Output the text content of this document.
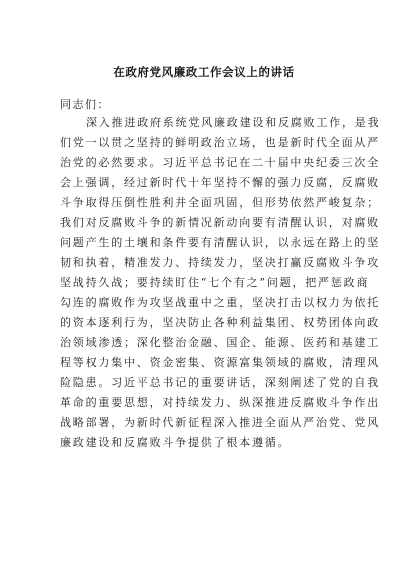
在政府党风廉政工作会议上的讲话
同志们：
深入推进政府系统党风廉政建设和反腐败工作，是我
们党一以贯之坚持的鲜明政治立场，也是新时代全面从严
治党的必然要求。习近平总书记在二十届中央纪委三次全
会上强调，经过新时代十年坚持不懈的强力反腐，反腐败
斗争取得压倒性胜利并全面巩固，但形势依然严峻复杂；
我们对反腐败斗争的新情况新动向要有清醒认识，对腐败
问题产生的土壤和条件要有清醒认识，以永远在路上的坚
韧和执着，精准发力、持续发力，坚决打赢反腐败斗争攻
坚战持久战；要持续盯住“七个有之”问题，把严惩政商
勾连的腐败作为攻坚战重中之重，坚决打击以权力为依托
的资本逐利行为，坚决防止各种利益集团、权势团体向政
治领域渗透；深化整治金融、国企、能源、医药和基建工
程等权力集中、资金密集、资源富集领域的腐败，清理风
险隐患。习近平总书记的重要讲话，深刻阐述了党的自我
革命的重要思想，对持续发力、纵深推进反腐败斗争作出
战略部署，为新时代新征程深入推进全面从严治党、党风
廉政建设和反腐败斗争提供了根本遵循。
